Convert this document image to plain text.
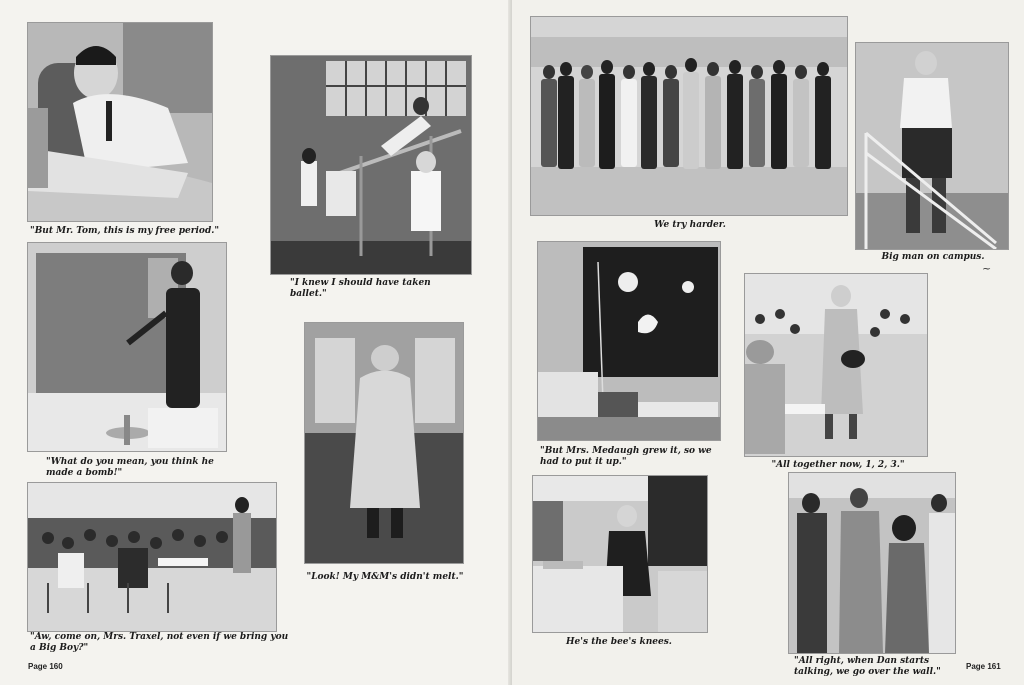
"But Mr. Tom, this is my free period."
"I knew I should have taken ballet."
"What do you mean, you think he made a bomb!"
"Look! My M&M's didn't melt."
"Aw, come on, Mrs. Traxel, not even if we bring you a Big Boy?"
Page 160
We try harder.
Big man on campus.
~
"But Mrs. Medaugh grew it, so we had to put it up."	"All together now, 1, 2, 3."
He's the bee's knees.
"All right, when Dan starts talking, we go over the wall."
Page 161
